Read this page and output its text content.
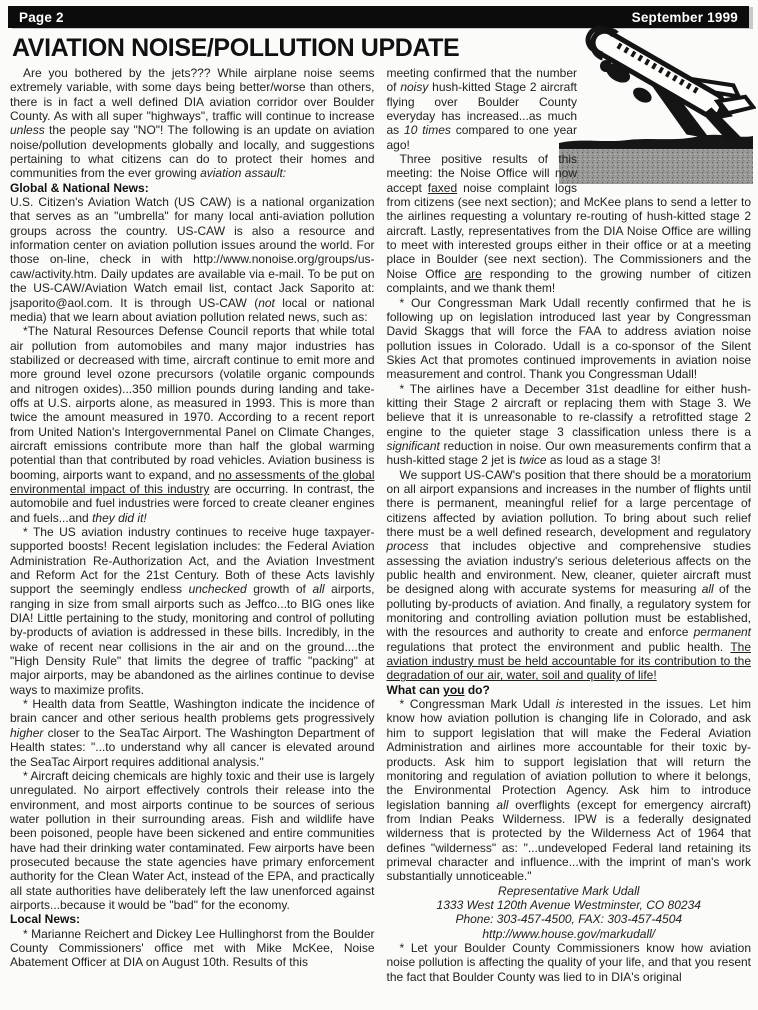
Page 2	September 1999
AVIATION NOISE/POLLUTION UPDATE
Are you bothered by the jets??? While airplane noise seems extremely variable, with some days being better/worse than others, there is in fact a well defined DIA aviation corridor over Boulder County. As with all super "highways", traffic will continue to increase unless the people say "NO"! The following is an update on aviation noise/pollution developments globally and locally, and suggestions pertaining to what citizens can do to protect their homes and communities from the ever growing aviation assault:
Global & National News:
U.S. Citizen's Aviation Watch (US CAW) is a national organization that serves as an "umbrella" for many local anti-aviation pollution groups across the country. US-CAW is also a resource and information center on aviation pollution issues around the world. For those on-line, check in with http://www.nonoise.org/groups/us-caw/activity.htm. Daily updates are available via e-mail. To be put on the US-CAW/Aviation Watch email list, contact Jack Saporito at: jsaporito@aol.com. It is through US-CAW (not local or national media) that we learn about aviation pollution related news, such as:
*The Natural Resources Defense Council reports that while total air pollution from automobiles and many major industries has stabilized or decreased with time, aircraft continue to emit more and more ground level ozone precursors (volatile organic compounds and nitrogen oxides)...350 million pounds during landing and take-offs at U.S. airports alone, as measured in 1993. This is more than twice the amount measured in 1970. According to a recent report from United Nation's Intergovernmental Panel on Climate Changes, aircraft emissions contribute more than half the global warming potential than that contributed by road vehicles. Aviation business is booming, airports want to expand, and no assessments of the global environmental impact of this industry are occurring. In contrast, the automobile and fuel industries were forced to create cleaner engines and fuels...and they did it!
* The US aviation industry continues to receive huge taxpayer-supported boosts! Recent legislation includes: the Federal Aviation Administration Re-Authorization Act, and the Aviation Investment and Reform Act for the 21st Century. Both of these Acts lavishly support the seemingly endless unchecked growth of all airports, ranging in size from small airports such as Jeffco...to BIG ones like DIA! Little pertaining to the study, monitoring and control of polluting by-products of aviation is addressed in these bills. Incredibly, in the wake of recent near collisions in the air and on the ground....the "High Density Rule" that limits the degree of traffic "packing" at major airports, may be abandoned as the airlines continue to devise ways to maximize profits.
* Health data from Seattle, Washington indicate the incidence of brain cancer and other serious health problems gets progressively higher closer to the SeaTac Airport. The Washington Department of Health states: "...to understand why all cancer is elevated around the SeaTac Airport requires additional analysis."
* Aircraft deicing chemicals are highly toxic and their use is largely unregulated. No airport effectively controls their release into the environment, and most airports continue to be sources of serious water pollution in their surrounding areas. Fish and wildlife have been poisoned, people have been sickened and entire communities have had their drinking water contaminated. Few airports have been prosecuted because the state agencies have primary enforcement authority for the Clean Water Act, instead of the EPA, and practically all state authorities have deliberately left the law unenforced against airports...because it would be "bad" for the economy.
Local News:
* Marianne Reichert and Dickey Lee Hullinghorst from the Boulder County Commissioners' office met with Mike McKee, Noise Abatement Officer at DIA on August 10th. Results of this
meeting confirmed that the number of noisy hush-kitted Stage 2 aircraft flying over Boulder County everyday has increased...as much as 10 times compared to one year ago!
Three positive results of this meeting: the Noise Office will now accept faxed noise complaint logs from citizens (see next section); and McKee plans to send a letter to the airlines requesting a voluntary re-routing of hush-kitted stage 2 aircraft. Lastly, representatives from the DIA Noise Office are willing to meet with interested groups either in their office or at a meeting place in Boulder (see next section). The Commissioners and the Noise Office are responding to the growing number of citizen complaints, and we thank them!
* Our Congressman Mark Udall recently confirmed that he is following up on legislation introduced last year by Congressman David Skaggs that will force the FAA to address aviation noise pollution issues in Colorado. Udall is a co-sponsor of the Silent Skies Act that promotes continued improvements in aviation noise measurement and control. Thank you Congressman Udall!
* The airlines have a December 31st deadline for either hush-kitting their Stage 2 aircraft or replacing them with Stage 3. We believe that it is unreasonable to re-classify a retrofitted stage 2 engine to the quieter stage 3 classification unless there is a significant reduction in noise. Our own measurements confirm that a hush-kitted stage 2 jet is twice as loud as a stage 3!
We support US-CAW's position that there should be a moratorium on all airport expansions and increases in the number of flights until there is permanent, meaningful relief for a large percentage of citizens affected by aviation pollution. To bring about such relief there must be a well defined research, development and regulatory process that includes objective and comprehensive studies assessing the aviation industry's serious deleterious affects on the public health and environment. New, cleaner, quieter aircraft must be designed along with accurate systems for measuring all of the polluting by-products of aviation. And finally, a regulatory system for monitoring and controlling aviation pollution must be established, with the resources and authority to create and enforce permanent regulations that protect the environment and public health. The aviation industry must be held accountable for its contribution to the degradation of our air, water, soil and quality of life!
What can you do?
* Congressman Mark Udall is interested in the issues. Let him know how aviation pollution is changing life in Colorado, and ask him to support legislation that will make the Federal Aviation Administration and airlines more accountable for their toxic by-products. Ask him to support legislation that will return the monitoring and regulation of aviation pollution to where it belongs, the Environmental Protection Agency. Ask him to introduce legislation banning all overflights (except for emergency aircraft) from Indian Peaks Wilderness. IPW is a federally designated wilderness that is protected by the Wilderness Act of 1964 that defines "wilderness" as: "...undeveloped Federal land retaining its primeval character and influence...with the imprint of man's work substantially unnoticeable."
Representative Mark Udall
1333 West 120th Avenue Westminster, CO 80234
Phone: 303-457-4500, FAX: 303-457-4504
http://www.house.gov/markudall/
* Let your Boulder County Commissioners know how aviation noise pollution is affecting the quality of your life, and that you resent the fact that Boulder County was lied to in DIA's original
